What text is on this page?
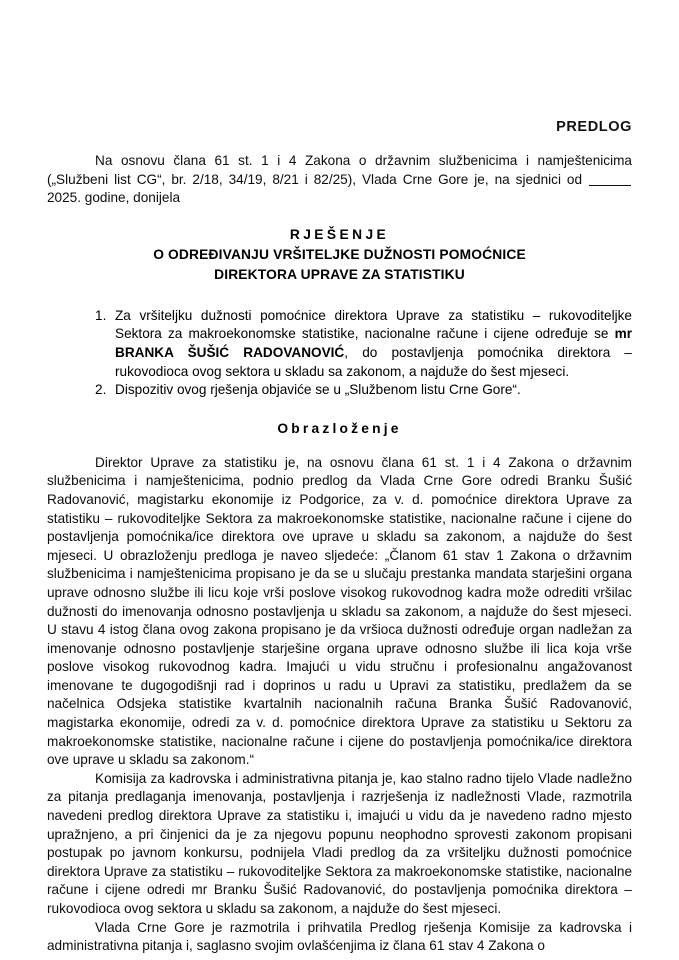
PREDLOG

Na osnovu člana 61 st. 1 i 4 Zakona o državnim službenicima i namještenicima („Službeni list CG“, br. 2/18, 34/19, 8/21 i 82/25), Vlada Crne Gore je, na sjednici od  2025. godine, donijela

RJEŠENJE
O ODREĐIVANJU VRŠITELJKE DUŽNOSTI POMOĆNICE
DIREKTORA UPRAVE ZA STATISTIKU
Za vršiteljku dužnosti pomoćnice direktora Uprave za statistiku – rukovoditeljke Sektora za makroekonomske statistike, nacionalne račune i cijene određuje se mr BRANKA ŠUŠIĆ RADOVANOVIĆ, do postavljenja pomoćnika direktora – rukovodioca ovog sektora u skladu sa zakonom, a najduže do šest mjeseci.
Dispozitiv ovog rješenja objaviće se u „Službenom listu Crne Gore“.
Obrazloženje

Direktor Uprave za statistiku je, na osnovu člana 61 st. 1 i 4 Zakona o državnim službenicima i namještenicima, podnio predlog da Vlada Crne Gore odredi Branku Šušić Radovanović, magistarku ekonomije iz Podgorice, za v. d. pomoćnice direktora Uprave za statistiku – rukovoditeljke Sektora za makroekonomske statistike, nacionalne račune i cijene do postavljenja pomoćnika/ice direktora ove uprave u skladu sa zakonom, a najduže do šest mjeseci. U obrazloženju predloga je naveo sljedeće: „Članom 61 stav 1 Zakona o državnim službenicima i namještenicima propisano je da se u slučaju prestanka mandata starješini organa uprave odnosno službe ili licu koje vrši poslove visokog rukovodnog kadra može odrediti vršilac dužnosti do imenovanja odnosno postavljenja u skladu sa zakonom, a najduže do šest mjeseci. U stavu 4 istog člana ovog zakona propisano je da vršioca dužnosti određuje organ nadležan za imenovanje odnosno postavljenje starješine organa uprave odnosno službe ili lica koja vrše poslove visokog rukovodnog kadra. Imajući u vidu stručnu i profesionalnu angažovanost imenovane te dugogodišnji rad i doprinos u radu u Upravi za statistiku, predlažem da se načelnica Odsjeka statistike kvartalnih nacionalnih računa Branka Šušić Radovanović, magistarka ekonomije, odredi za v. d. pomoćnice direktora Uprave za statistiku u Sektoru za makroekonomske statistike, nacionalne račune i cijene do postavljenja pomoćnika/ice direktora ove uprave u skladu sa zakonom.“

Komisija za kadrovska i administrativna pitanja je, kao stalno radno tijelo Vlade nadležno za pitanja predlaganja imenovanja, postavljenja i razrješenja iz nadležnosti Vlade, razmotrila navedeni predlog direktora Uprave za statistiku i, imajući u vidu da je navedeno radno mjesto upražnjeno, a pri činjenici da je za njegovu popunu neophodno sprovesti zakonom propisani postupak po javnom konkursu, podnijela Vladi predlog da za vršiteljku dužnosti pomoćnice direktora Uprave za statistiku – rukovoditeljke Sektora za makroekonomske statistike, nacionalne račune i cijene odredi mr Branku Šušić Radovanović, do postavljenja pomoćnika direktora – rukovodioca ovog sektora u skladu sa zakonom, a najduže do šest mjeseci.

Vlada Crne Gore je razmotrila i prihvatila Predlog rješenja Komisije za kadrovska i administrativna pitanja i, saglasno svojim ovlašćenjima iz člana 61 stav 4 Zakona o
